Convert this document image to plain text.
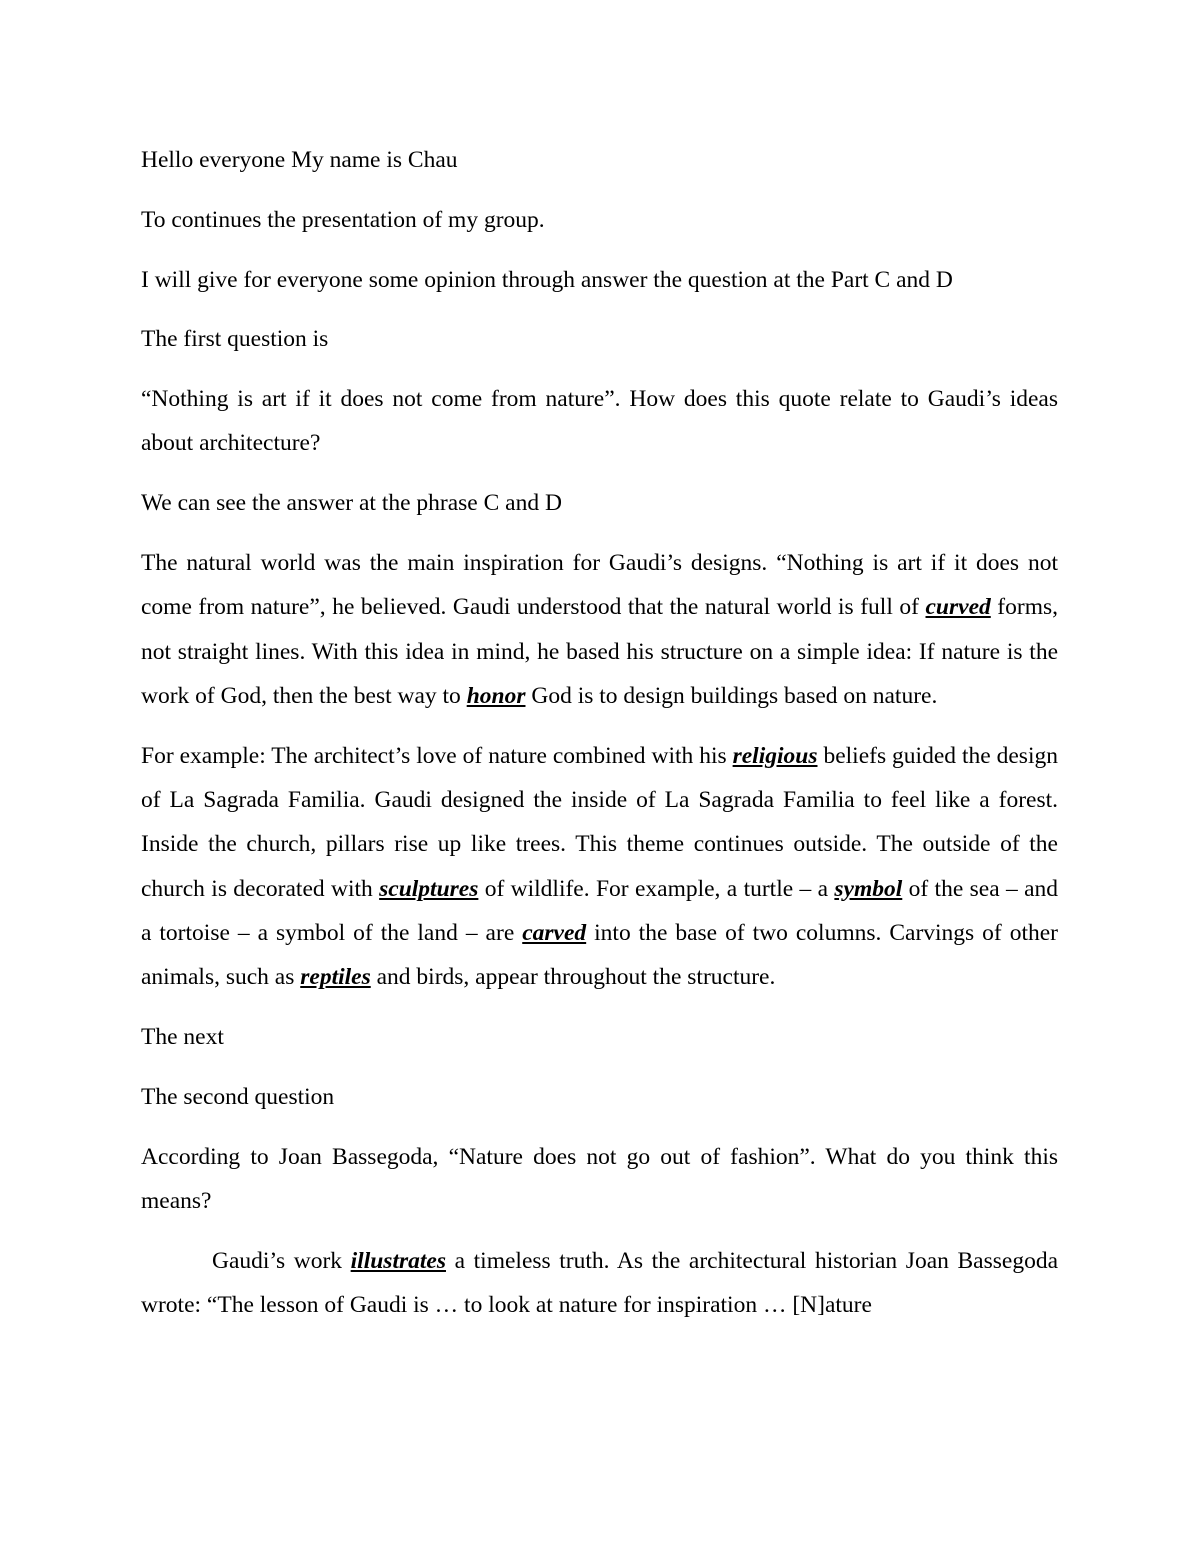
Hello everyone My name is Chau

To continues the presentation of my group.

I will give for everyone some opinion through answer the question at the Part C and D

The first question is

“Nothing is art if it does not come from nature”. How does this quote relate to Gaudi’s ideas about architecture?

We can see the answer at the phrase C and D

The natural world was the main inspiration for Gaudi’s designs. “Nothing is art if it does not come from nature”, he believed. Gaudi understood that the natural world is full of curved forms, not straight lines. With this idea in mind, he based his structure on a simple idea: If nature is the work of God, then the best way to honor God is to design buildings based on nature.

For example: The architect’s love of nature combined with his religious beliefs guided the design of La Sagrada Familia. Gaudi designed the inside of La Sagrada Familia to feel like a forest. Inside the church, pillars rise up like trees. This theme continues outside. The outside of the church is decorated with sculptures of wildlife. For example, a turtle – a symbol of the sea – and a tortoise – a symbol of the land – are carved into the base of two columns. Carvings of other animals, such as reptiles and birds, appear throughout the structure.

The next

The second question

According to Joan Bassegoda, “Nature does not go out of fashion”. What do you think this means?

Gaudi’s work illustrates a timeless truth. As the architectural historian Joan Bassegoda wrote: “The lesson of Gaudi is … to look at nature for inspiration … [N]ature
